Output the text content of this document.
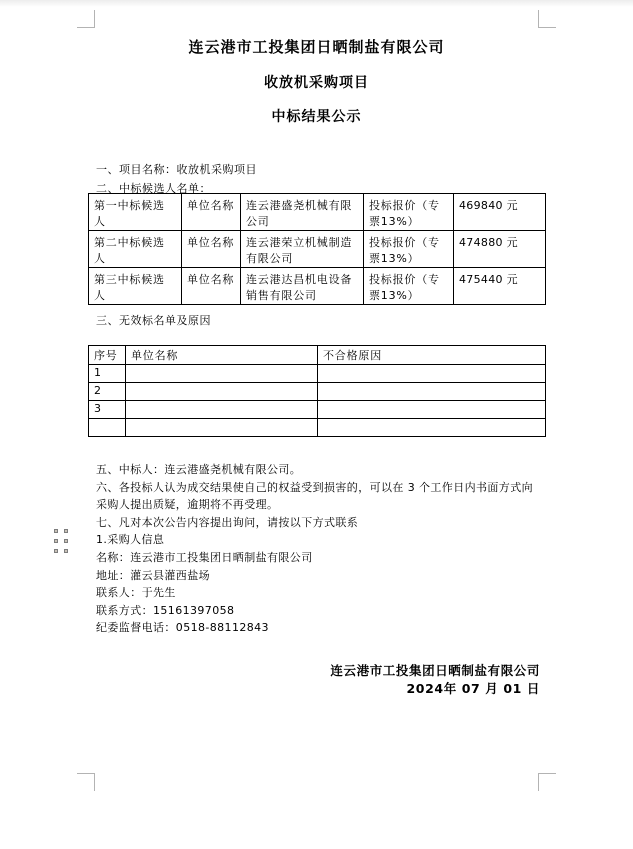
连云港市工投集团日晒制盐有限公司
收放机采购项目
中标结果公示
一、项目名称：收放机采购项目
二、中标候选人名单：
第一中标候选人	单位名称	连云港盛尧机械有限公司	投标报价（专票13%）	469840 元
第二中标候选人	单位名称	连云港荣立机械制造有限公司	投标报价（专票13%）	474880 元
第三中标候选人	单位名称	连云港达昌机电设备销售有限公司	投标报价（专票13%）	475440 元
三、无效标名单及原因
序号	单位名称	不合格原因
1		
2		
3		

五、中标人：连云港盛尧机械有限公司。
六、各投标人认为成交结果使自己的权益受到损害的，可以在 3 个工作日内书面方式向采购人提出质疑，逾期将不再受理。
七、凡对本次公告内容提出询问，请按以下方式联系
1.采购人信息
名称：连云港市工投集团日晒制盐有限公司
地址：灌云县灌西盐场
联系人：于先生
联系方式：15161397058
纪委监督电话：0518-88112843
连云港市工投集团日晒制盐有限公司
2024年 07 月 01 日
